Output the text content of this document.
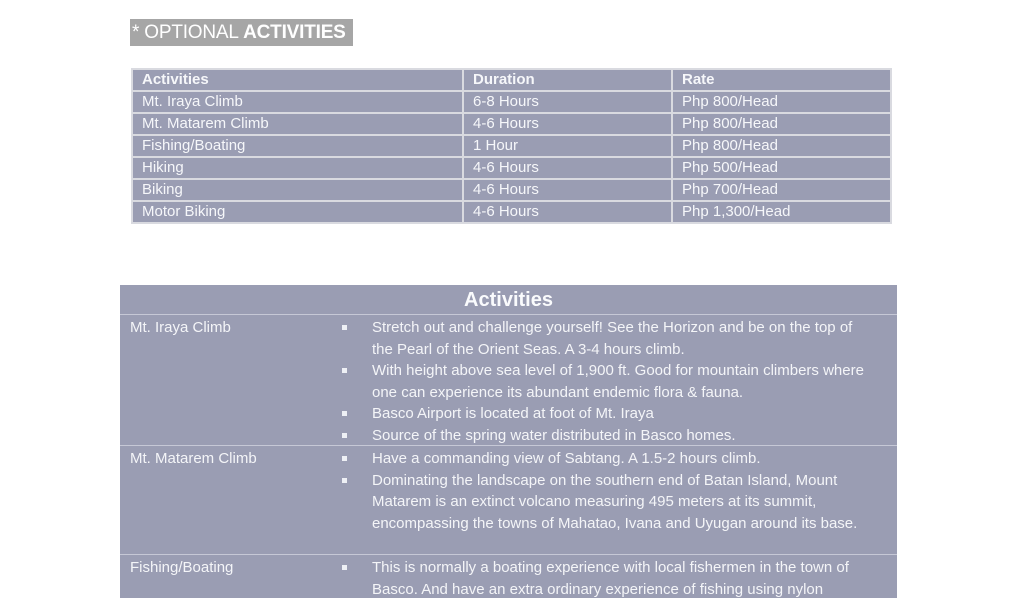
* OPTIONAL ACTIVITIES
Activities	Duration	Rate
Mt. Iraya Climb	6-8 Hours	Php 800/Head
Mt. Matarem Climb	4-6 Hours	Php 800/Head
Fishing/Boating	1 Hour	Php 800/Head
Hiking	4-6 Hours	Php 500/Head
Biking	4-6 Hours	Php 700/Head
Motor Biking	4-6 Hours	Php 1,300/Head
Activities
Mt. Iraya Climb	Stretch out and challenge yourself! See the Horizon and be on the top of the Pearl of the Orient Seas. A 3-4 hours climb.
With height above sea level of 1,900 ft. Good for mountain climbers where one can experience its abundant endemic flora & fauna.
Basco Airport is located at foot of Mt. Iraya
Source of the spring water distributed in Basco homes.
Mt. Matarem Climb	Have a commanding view of Sabtang. A 1.5-2 hours climb.
Dominating the landscape on the southern end of Batan Island, Mount Matarem is an extinct volcano measuring 495 meters at its summit, encompassing the towns of Mahatao, Ivana and Uyugan around its base.
Fishing/Boating	This is normally a boating experience with local fishermen in the town of Basco. And have an extra ordinary experience of fishing using nylon
